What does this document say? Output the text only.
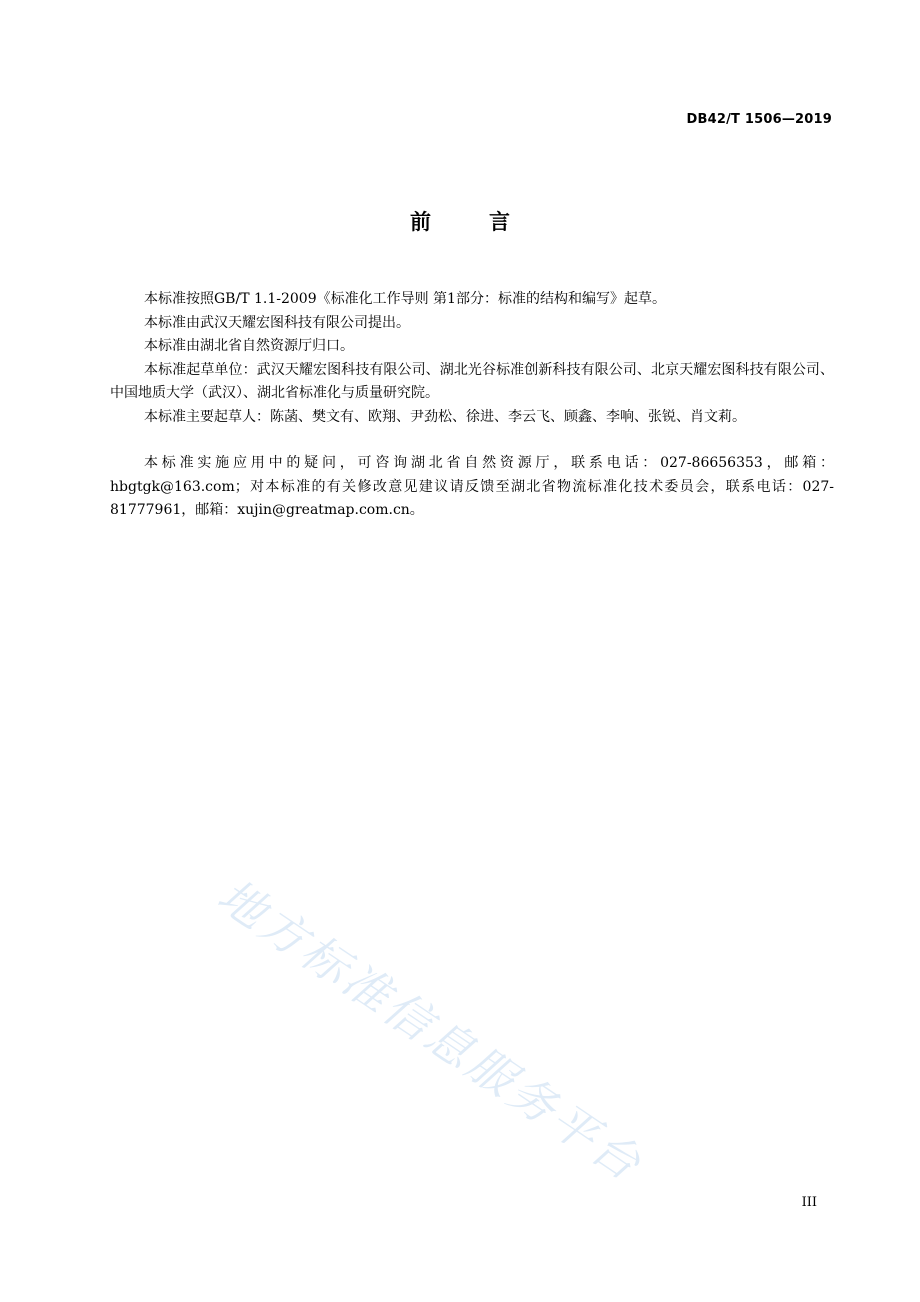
DB42/T 1506—2019
前	言

本标准按照GB/T 1.1-2009《标准化工作导则 第1部分：标准的结构和编写》起草。

本标准由武汉天耀宏图科技有限公司提出。

本标准由湖北省自然资源厅归口。

本标准起草单位：武汉天耀宏图科技有限公司、湖北光谷标准创新科技有限公司、北京天耀宏图科技有限公司、中国地质大学（武汉）、湖北省标准化与质量研究院。

本标准主要起草人：陈菡、樊文有、欧翔、尹劲松、徐进、李云飞、顾鑫、李响、张锐、肖文莉。

本标准实施应用中的疑问，可咨询湖北省自然资源厅，联系电话：027-86656353，邮箱：hbgtgk@163.com；对本标准的有关修改意见建议请反馈至湖北省物流标准化技术委员会，联系电话：027-81777961，邮箱：xujin@greatmap.com.cn。

地方标准信息服务平台
III
